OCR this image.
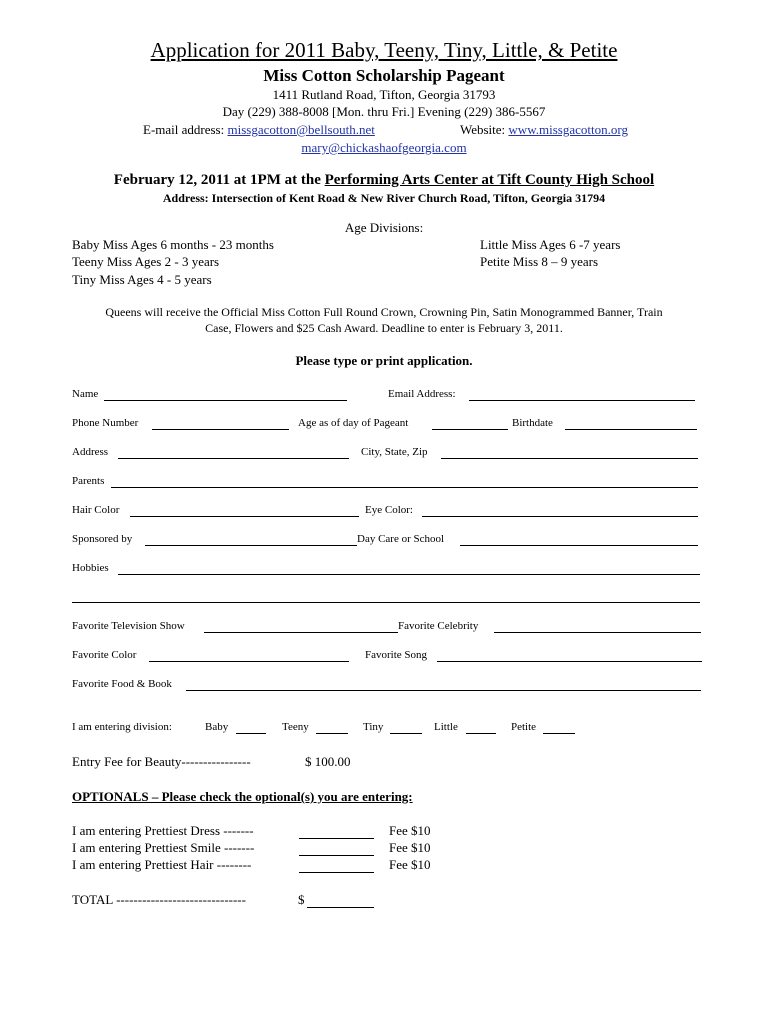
Application for 2011 Baby, Teeny, Tiny, Little, & Petite
Miss Cotton Scholarship Pageant
1411 Rutland Road, Tifton, Georgia 31793
Day (229) 388-8008 [Mon. thru Fri.] Evening (229) 386-5567
E-mail address: missgacotton@bellsouth.net	Website: www.missgacotton.org
mary@chickashaofgeorgia.com
February 12, 2011 at 1PM at the Performing Arts Center at Tift County High School
Address: Intersection of Kent Road & New River Church Road, Tifton, Georgia 31794
Age Divisions:
Baby Miss Ages 6 months - 23 months
Teeny Miss Ages 2 - 3 years
Tiny Miss Ages 4 - 5 years
Little Miss Ages 6 -7 years
Petite Miss 8 – 9 years
Queens will receive the Official Miss Cotton Full Round Crown, Crowning Pin, Satin Monogrammed Banner, Train
Case, Flowers and $25 Cash Award. Deadline to enter is February 3, 2011.
Please type or print application.
Name	Email Address:
Phone Number	Age as of day of Pageant	Birthdate
Address	City, State, Zip
Parents
Hair Color	Eye Color:
Sponsored by	Day Care or School
Hobbies
Favorite Television Show	Favorite Celebrity
Favorite Color	Favorite Song
Favorite Food & Book
I am entering division:	Baby	Teeny	Tiny	Little	Petite
Entry Fee for Beauty----------------	$ 100.00
OPTIONALS – Please check the optional(s) you are entering:
I am entering Prettiest Dress -------	Fee $10
I am entering Prettiest Smile -------	Fee $10
I am entering Prettiest Hair --------	Fee $10
TOTAL ------------------------------	$
